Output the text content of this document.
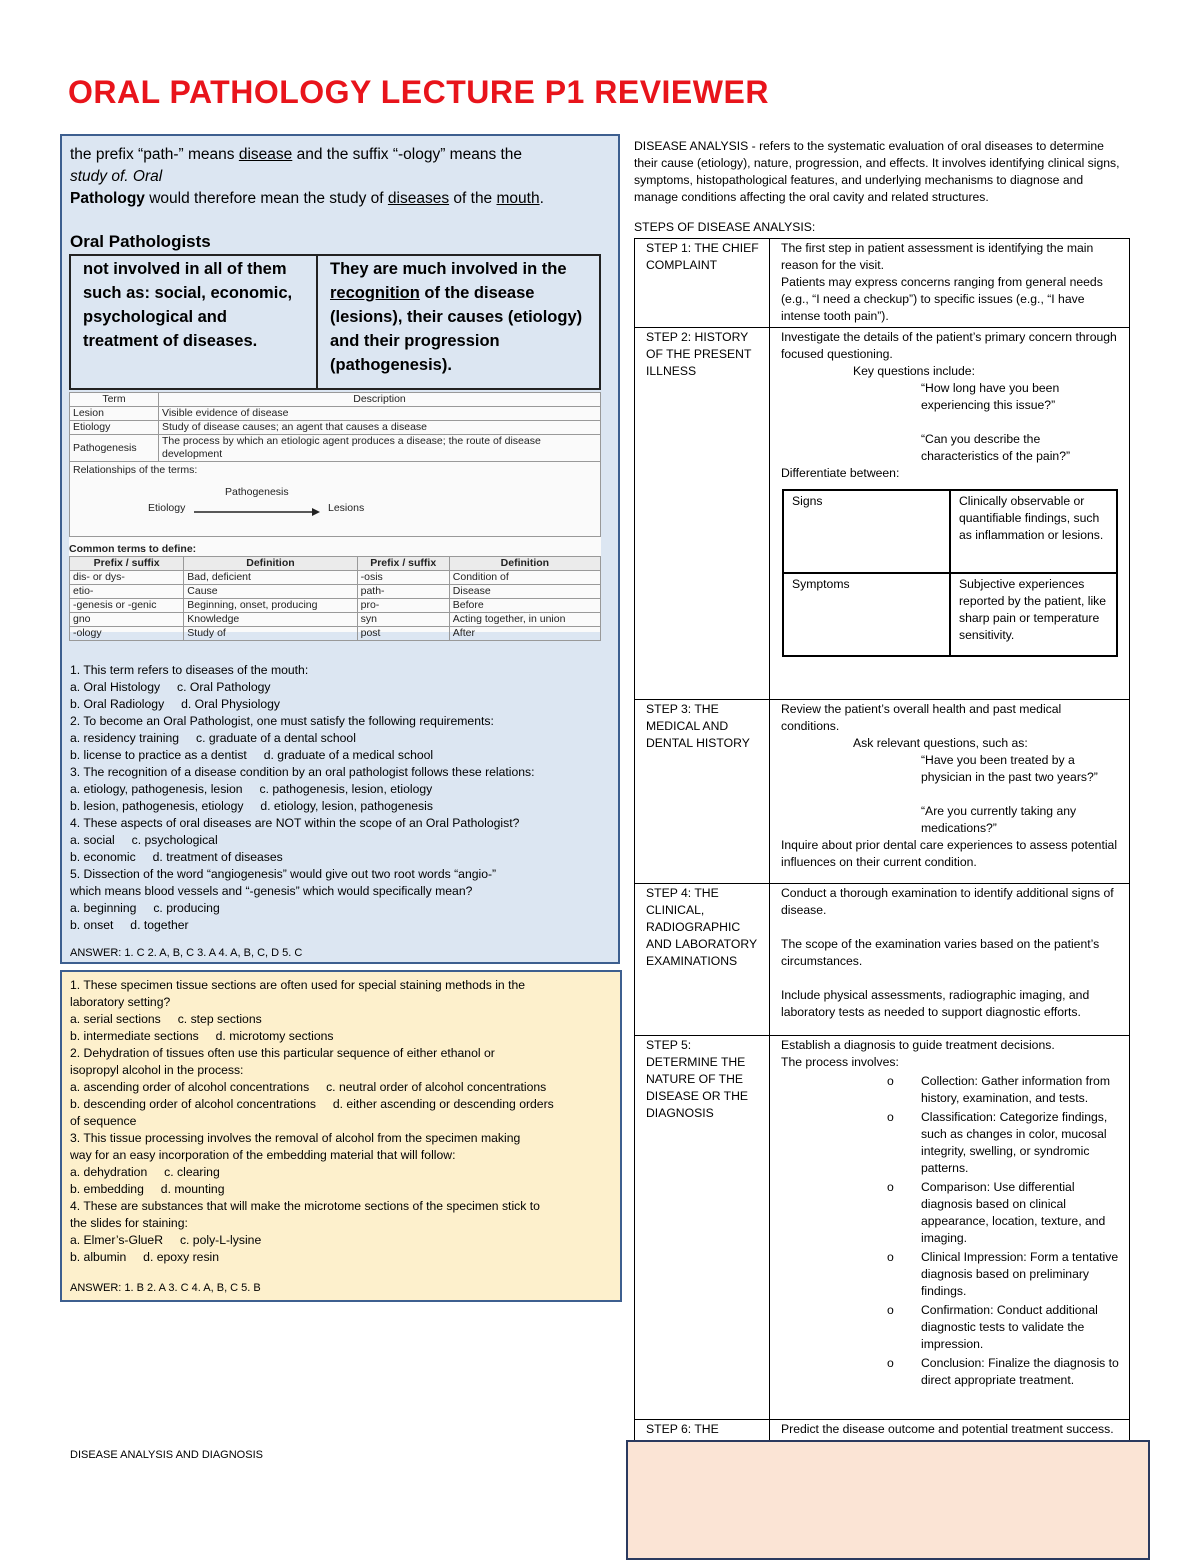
ORAL PATHOLOGY LECTURE P1 REVIEWER
the prefix “path-” means disease and the suffix “-ology” means the
study of. Oral
Pathology would therefore mean the study of diseases of the mouth.
Oral Pathologists
not involved in all of them such as: social, economic, psychological and treatment of diseases.
They are much involved in the recognition of the disease (lesions), their causes (etiology) and their progression (pathogenesis).
Term	Description
Lesion	Visible evidence of disease
Etiology	Study of disease causes; an agent that causes a disease
Pathogenesis	The process by which an etiologic agent produces a disease; the route of disease development
Relationships of the terms:
Pathogenesis
Etiology	Lesions
Common terms to define:
Prefix / suffix	Definition	Prefix / suffix	Definition
dis- or dys-	Bad, deficient	-osis	Condition of
etio-	Cause	path-	Disease
-genesis or -genic	Beginning, onset, producing	pro-	Before
gno	Knowledge	syn	Acting together, in union
-ology	Study of	post	After
1. This term refers to diseases of the mouth:
a. Oral Histology     c. Oral Pathology
b. Oral Radiology     d. Oral Physiology
2. To become an Oral Pathologist, one must satisfy the following requirements:
a. residency training     c. graduate of a dental school
b. license to practice as a dentist     d. graduate of a medical school
3. The recognition of a disease condition by an oral pathologist follows these relations:
a. etiology, pathogenesis, lesion     c. pathogenesis, lesion, etiology
b. lesion, pathogenesis, etiology     d. etiology, lesion, pathogenesis
4. These aspects of oral diseases are NOT within the scope of an Oral Pathologist?
a. social     c. psychological
b. economic     d. treatment of diseases
5. Dissection of the word “angiogenesis” would give out two root words “angio-”
which means blood vessels and “-genesis” which would specifically mean?
a. beginning     c. producing
b. onset     d. together
ANSWER: 1. C 2. A, B, C 3. A 4. A, B, C, D 5. C
1. These specimen tissue sections are often used for special staining methods in the
laboratory setting?
a. serial sections     c. step sections
b. intermediate sections     d. microtomy sections
2. Dehydration of tissues often use this particular sequence of either ethanol or
isopropyl alcohol in the process:
a. ascending order of alcohol concentrations     c. neutral order of alcohol concentrations
b. descending order of alcohol concentrations     d. either ascending or descending orders
of sequence
3. This tissue processing involves the removal of alcohol from the specimen making
way for an easy incorporation of the embedding material that will follow:
a. dehydration     c. clearing
b. embedding     d. mounting
4. These are substances that will make the microtome sections of the specimen stick to
the slides for staining:
a. Elmer’s-GlueR     c. poly-L-lysine
b. albumin     d. epoxy resin
ANSWER: 1. B 2. A 3. C 4. A, B, C 5. B
DISEASE ANALYSIS AND DIAGNOSIS
DISEASE ANALYSIS - refers to the systematic evaluation of oral diseases to determine their cause (etiology), nature, progression, and effects. It involves identifying clinical signs, symptoms, histopathological features, and underlying mechanisms to diagnose and manage conditions affecting the oral cavity and related structures.
STEPS OF DISEASE ANALYSIS:
STEP 1: THE CHIEF COMPLAINT	
The first step in patient assessment is identifying the main reason for the visit.
Patients may express concerns ranging from general needs (e.g., “I need a checkup”) to specific issues (e.g., “I have intense tooth pain”).

STEP 2: HISTORY OF THE PRESENT ILLNESS	
Investigate the details of the patient’s primary concern through focused questioning.
Key questions include:
“How long have you been experiencing this issue?”
“Can you describe the characteristics of the pain?”
Differentiate between:
Signs	Clinically observable or quantifiable findings, such as inflammation or lesions.
Symptoms	Subjective experiences reported by the patient, like sharp pain or temperature sensitivity.

STEP 3: THE MEDICAL AND DENTAL HISTORY	
Review the patient’s overall health and past medical conditions.
Ask relevant questions, such as:
“Have you been treated by a physician in the past two years?”
“Are you currently taking any medications?”
Inquire about prior dental care experiences to assess potential influences on their current condition.

STEP 4: THE CLINICAL, RADIOGRAPHIC AND LABORATORY EXAMINATIONS	
Conduct a thorough examination to identify additional signs of disease.
The scope of the examination varies based on the patient’s circumstances.
Include physical assessments, radiographic imaging, and laboratory tests as needed to support diagnostic efforts.

STEP 5: DETERMINE THE NATURE OF THE DISEASE OR THE DIAGNOSIS	
Establish a diagnosis to guide treatment decisions.
The process involves:
o	Collection: Gather information from history, examination, and tests.
o	Classification: Categorize findings, such as changes in color, mucosal integrity, swelling, or syndromic patterns.
o	Comparison: Use differential diagnosis based on clinical appearance, location, texture, and imaging.
o	Clinical Impression: Form a tentative diagnosis based on preliminary findings.
o	Confirmation: Conduct additional diagnostic tests to validate the impression.
o	Conclusion: Finalize the diagnosis to direct appropriate treatment.

STEP 6: THE	Predict the disease outcome and potential treatment success.
